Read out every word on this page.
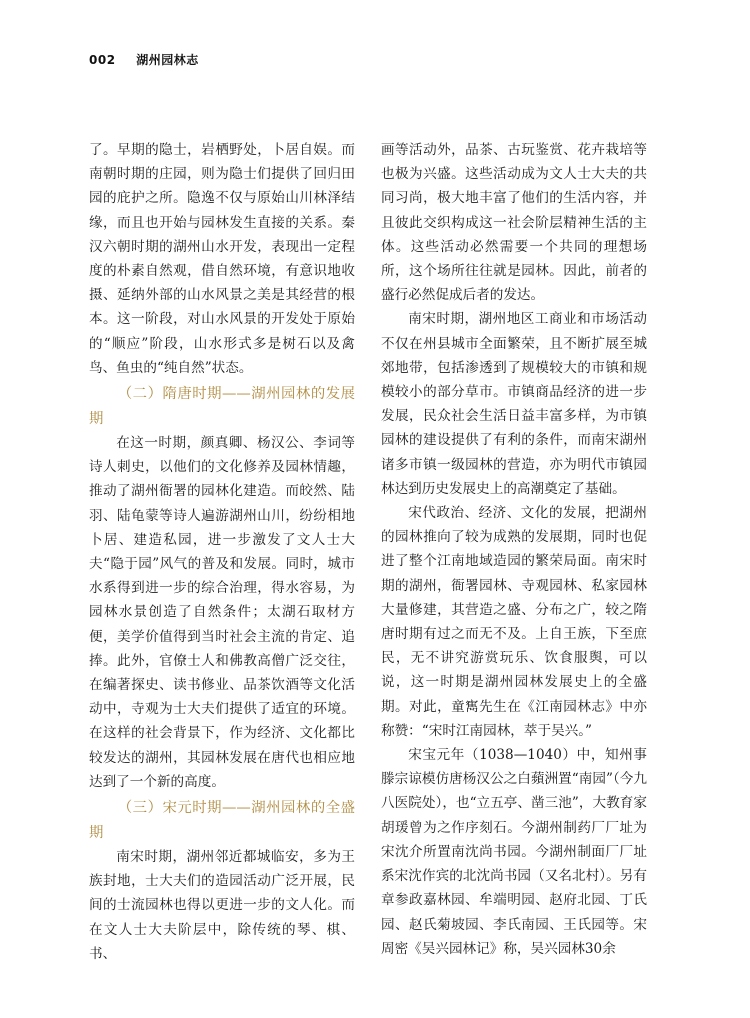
002 湖州园林志

了。早期的隐士，岩栖野处，卜居自娱。而南朝时期的庄园，则为隐士们提供了回归田园的庇护之所。隐逸不仅与原始山川林泽结缘，而且也开始与园林发生直接的关系。秦汉六朝时期的湖州山水开发，表现出一定程度的朴素自然观，借自然环境，有意识地收摄、延纳外部的山水风景之美是其经营的根本。这一阶段，对山水风景的开发处于原始的“顺应”阶段，山水形式多是树石以及禽鸟、鱼虫的“纯自然”状态。

（二）隋唐时期——湖州园林的发展期

在这一时期，颜真卿、杨汉公、李词等诗人刺史，以他们的文化修养及园林情趣，推动了湖州衙署的园林化建造。而皎然、陆羽、陆龟蒙等诗人遍游湖州山川，纷纷相地卜居、建造私园，进一步激发了文人士大夫“隐于园”风气的普及和发展。同时，城市水系得到进一步的综合治理，得水容易，为园林水景创造了自然条件；太湖石取材方便，美学价值得到当时社会主流的肯定、追捧。此外，官僚士人和佛教高僧广泛交往，在编著探史、读书修业、品茶饮酒等文化活动中，寺观为士大夫们提供了适宜的环境。在这样的社会背景下，作为经济、文化都比较发达的湖州，其园林发展在唐代也相应地达到了一个新的高度。

（三）宋元时期——湖州园林的全盛期

南宋时期，湖州邻近都城临安，多为王族封地，士大夫们的造园活动广泛开展，民间的士流园林也得以更进一步的文人化。而在文人士大夫阶层中，除传统的琴、棋、书、

画等活动外，品茶、古玩鉴赏、花卉栽培等也极为兴盛。这些活动成为文人士大夫的共同习尚，极大地丰富了他们的生活内容，并且彼此交织构成这一社会阶层精神生活的主体。这些活动必然需要一个共同的理想场所，这个场所往往就是园林。因此，前者的盛行必然促成后者的发达。

南宋时期，湖州地区工商业和市场活动不仅在州县城市全面繁荣，且不断扩展至城郊地带，包括渗透到了规模较大的市镇和规模较小的部分草市。市镇商品经济的进一步发展，民众社会生活日益丰富多样，为市镇园林的建设提供了有利的条件，而南宋湖州诸多市镇一级园林的营造，亦为明代市镇园林达到历史发展史上的高潮奠定了基础。

宋代政治、经济、文化的发展，把湖州的园林推向了较为成熟的发展期，同时也促进了整个江南地域造园的繁荣局面。南宋时期的湖州，衙署园林、寺观园林、私家园林大量修建，其营造之盛、分布之广，较之隋唐时期有过之而无不及。上自王族，下至庶民，无不讲究游赏玩乐、饮食服舆，可以说，这一时期是湖州园林发展史上的全盛期。对此，童寯先生在《江南园林志》中亦称赞：“宋时江南园林，萃于吴兴。”

宋宝元年（1038—1040）中，知州事滕宗谅模仿唐杨汉公之白蘋洲置“南园”（今九八医院处），也“立五亭、凿三池”，大教育家胡瑗曾为之作序刻石。今湖州制药厂厂址为宋沈介所置南沈尚书园。今湖州制面厂厂址系宋沈作宾的北沈尚书园（又名北村）。另有章参政嘉林园、牟端明园、赵府北园、丁氏园、赵氏菊坡园、李氏南园、王氏园等。宋周密《吴兴园林记》称，吴兴园林30余
